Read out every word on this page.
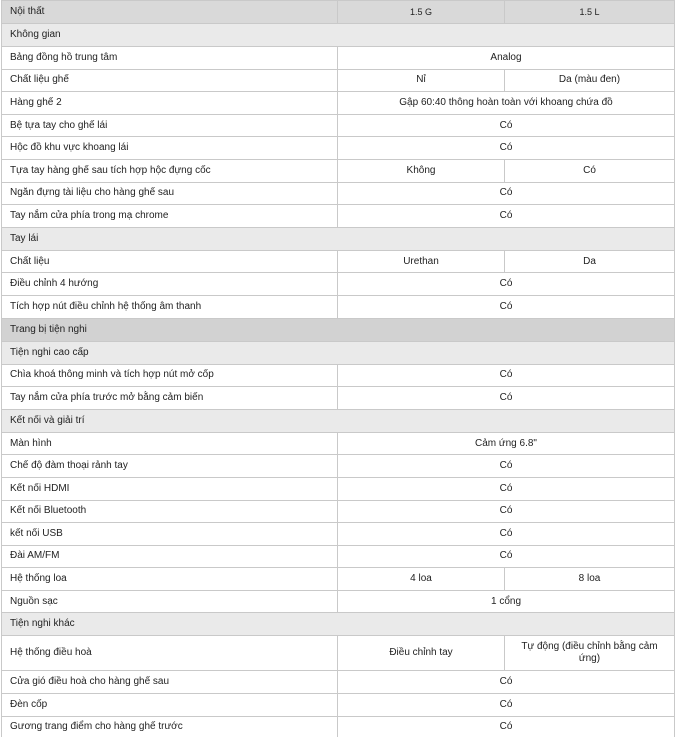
Nội thất	1.5 G	1.5 L
Không gian		
Bảng đồng hồ trung tâm	Analog	
Chất liệu ghế	Nỉ	Da (màu đen)
Hàng ghế 2	Gập 60:40 thông hoàn toàn với khoang chứa đồ	
Bệ tựa tay cho ghế lái	Có	
Hộc đồ khu vực khoang lái	Có	
Tựa tay hàng ghế sau tích hợp hộc đựng cốc	Không	Có
Ngăn đựng tài liệu cho hàng ghế sau	Có	
Tay nắm cửa phía trong mạ chrome	Có	
Tay lái		
Chất liệu	Urethan	Da
Điều chỉnh 4 hướng	Có	
Tích hợp nút điều chỉnh hệ thống âm thanh	Có	
Trang bị tiện nghi		
Tiện nghi cao cấp		
Chìa khoá thông minh và tích hợp nút mở cốp	Có	
Tay nắm cửa phía trước mở bằng cảm biến	Có	
Kết nối và giải trí		
Màn hình	Cảm ứng 6.8"	
Chế độ đàm thoại rảnh tay	Có	
Kết nối HDMI	Có	
Kết nối Bluetooth	Có	
kết nối USB	Có	
Đài AM/FM	Có	
Hệ thống loa	4 loa	8 loa
Nguồn sạc	1 cổng	
Tiện nghi khác		
Hệ thống điều hoà	Điều chỉnh tay	Tự động (điều chỉnh bằng cảm ứng)
Cửa gió điều hoà cho hàng ghế sau	Có	
Đèn cốp	Có	
Gương trang điểm cho hàng ghế trước	Có	
